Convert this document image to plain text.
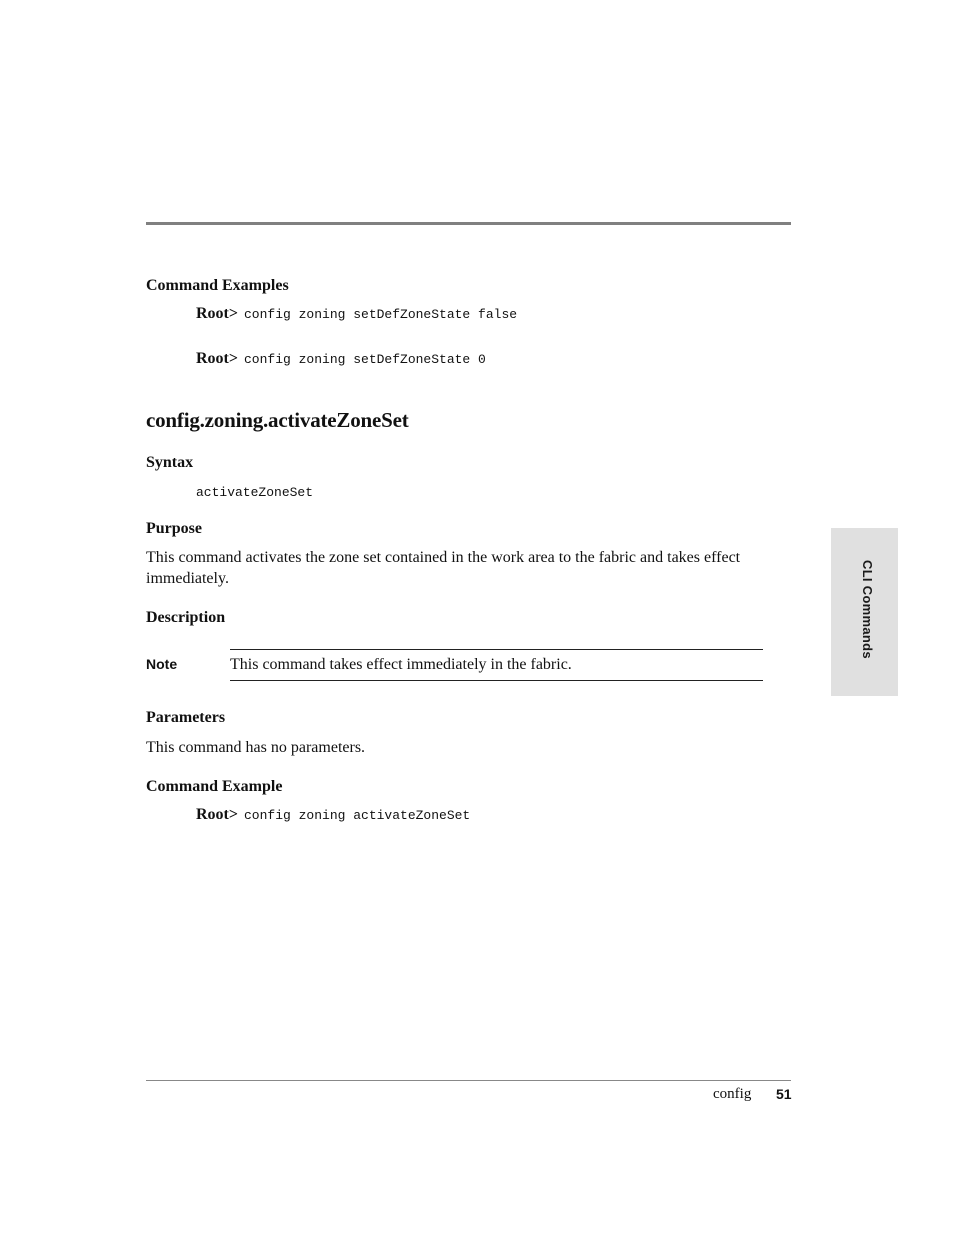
Command Examples
Root> config zoning setDefZoneState false
Root> config zoning setDefZoneState 0
config.zoning.activateZoneSet
Syntax
activateZoneSet
Purpose

This command activates the zone set contained in the work area to the fabric and takes effect immediately.

Description
Note	This command takes effect immediately in the fabric.
Parameters

This command has no parameters.

Command Example
Root> config zoning activateZoneSet
CLI Commands
config 51
